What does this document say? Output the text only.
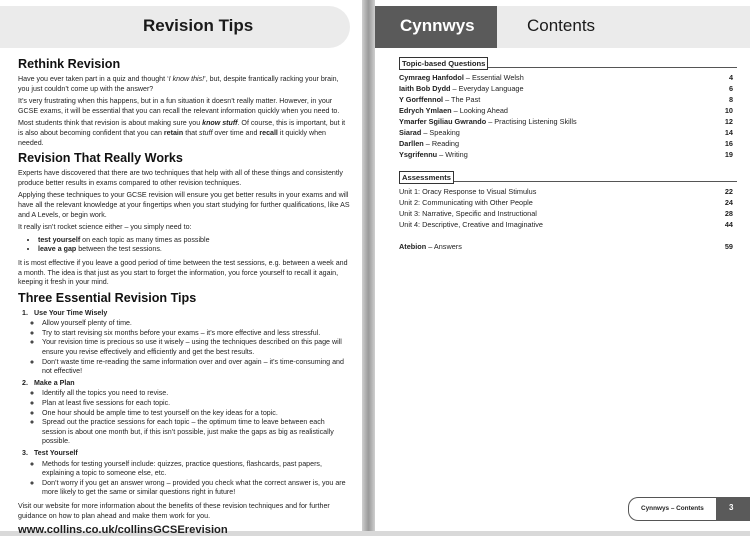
Revision Tips
Rethink Revision

Have you ever taken part in a quiz and thought ‘I know this!’, but, despite frantically racking your brain, you just couldn’t come up with the answer?

It’s very frustrating when this happens, but in a fun situation it doesn’t really matter. However, in your GCSE exams, it will be essential that you can recall the relevant information quickly when you need to.

Most students think that revision is about making sure you know stuff. Of course, this is important, but it is also about becoming confident that you can retain that stuff over time and recall it quickly when needed.

Revision That Really Works

Experts have discovered that there are two techniques that help with all of these things and consistently produce better results in exams compared to other revision techniques.

Applying these techniques to your GCSE revision will ensure you get better results in your exams and will have all the relevant knowledge at your fingertips when you start studying for further qualifications, like AS and A Levels, or begin work.

It really isn’t rocket science either – you simply need to:

• test yourself on each topic as many times as possible
• leave a gap between the test sessions.

It is most effective if you leave a good period of time between the test sessions, e.g. between a week and a month. The idea is that just as you start to forget the information, you force yourself to recall it again, keeping it fresh in your mind.

Three Essential Revision Tips
1. Use Your Time Wisely
◦ Allow yourself plenty of time.
◦ Try to start revising six months before your exams – it’s more effective and less stressful.
◦ Your revision time is precious so use it wisely – using the techniques described on this page will ensure you revise effectively and efficiently and get the best results.
◦ Don’t waste time re-reading the same information over and over again – it’s time-consuming and not effective!
2. Make a Plan
◦ Identify all the topics you need to revise.
◦ Plan at least five sessions for each topic.
◦ One hour should be ample time to test yourself on the key ideas for a topic.
◦ Spread out the practice sessions for each topic – the optimum time to leave between each session is about one month but, if this isn’t possible, just make the gaps as big as realistically possible.
3. Test Yourself
◦ Methods for testing yourself include: quizzes, practice questions, flashcards, past papers, explaining a topic to someone else, etc.
◦ Don’t worry if you get an answer wrong – provided you check what the correct answer is, you are more likely to get the same or similar questions right in future!

Visit our website for more information about the benefits of these revision techniques and for further guidance on how to plan ahead and make them work for you.

www.collins.co.uk/collinsGCSErevision
Cynnwys	Contents
Topic-based Questions
Cymraeg Hanfodol – Essential Welsh	4
Iaith Bob Dydd – Everyday Language	6
Y Gorffennol – The Past	8
Edrych Ymlaen – Looking Ahead	10
Ymarfer Sgiliau Gwrando – Practising Listening Skills	12
Siarad – Speaking	14
Darllen – Reading	16
Ysgrifennu – Writing	19
Assessments
Unit 1: Oracy Response to Visual Stimulus	22
Unit 2: Communicating with Other People	24
Unit 3: Narrative, Specific and Instructional	28
Unit 4: Descriptive, Creative and Imaginative	44
Atebion – Answers	59
Cynnwys – Contents	3
